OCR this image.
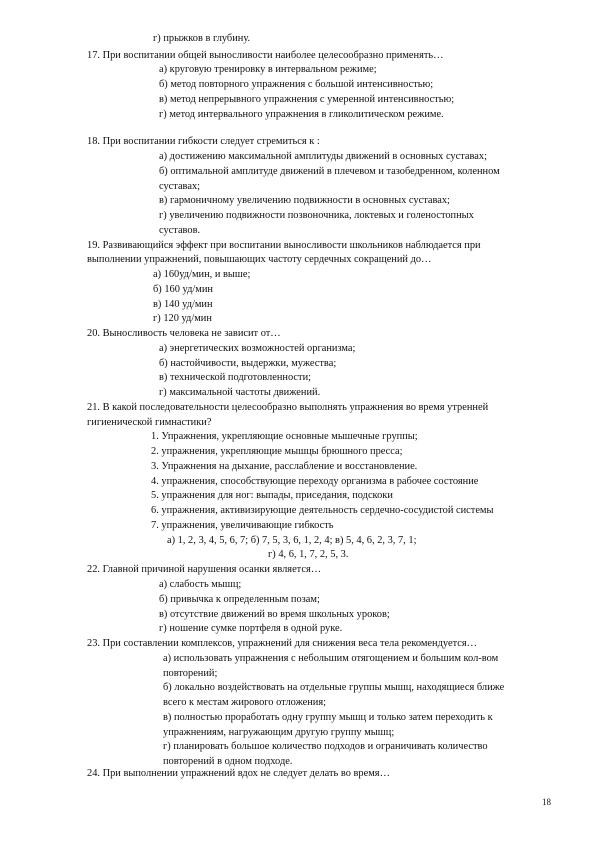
г) прыжков в глубину.
17. При воспитании общей выносливости наиболее целесообразно применять…
а) круговую тренировку в интервальном режиме;
б) метод повторного упражнения с большой интенсивностью;
в) метод непрерывного упражнения с умеренной интенсивностью;
г) метод интервального упражнения в гликолитическом режиме.
18. При воспитании гибкости следует стремиться к :
а) достижению максимальной амплитуды движений в основных суставах;
б) оптимальной амплитуде движений в плечевом и тазобедренном, коленном
суставах;
в) гармоничному увеличению подвижности в основных суставах;
г) увеличению подвижности позвоночника, локтевых и голеностопных
суставов.
19. Развивающийся эффект при воспитании выносливости школьников наблюдается при
выполнении упражнений, повышающих частоту сердечных сокращений до…
а) 160уд/мин, и выше;
б) 160 уд/мин
в) 140 уд/мин
г) 120 уд/мин
20. Выносливость человека не зависит от…
а) энергетических возможностей организма;
б) настойчивости, выдержки, мужества;
в) технической подготовленности;
г) максимальной частоты движений.
21. В какой последовательности целесообразно выполнять упражнения во время утренней
гигиенической гимнастики?
1. Упражнения, укрепляющие основные мышечные группы;
2. упражнения, укрепляющие мышцы брюшного пресса;
3. Упражнения на дыхание, расслабление и восстановление.
4. упражнения, способствующие переходу организма в рабочее состояние
5. упражнения для ног: выпады, приседания, подскоки
6. упражнения, активизирующие деятельность сердечно-сосудистой системы
7. упражнения, увеличивающие гибкость
а) 1, 2, 3, 4, 5, 6, 7; б) 7, 5, 3, 6, 1, 2, 4; в) 5, 4, 6, 2, 3, 7, 1;
г) 4, 6, 1, 7, 2, 5, 3.
22. Главной причиной нарушения осанки является…
а) слабость мышц;
б) привычка к определенным позам;
в) отсутствие движений во время школьных уроков;
г) ношение сумке портфеля в одной руке.
23. При составлении комплексов, упражнений для снижения веса тела рекомендуется…
а) использовать упражнения с небольшим отягощением и большим кол-вом
повторений;
б) локально воздействовать на отдельные группы мышц, находящиеся ближе
всего к местам жирового отложения;
в) полностью проработать одну группу мышц и только затем переходить к
упражнениям, нагружающим другую группу мышц;
г) планировать большое количество подходов и ограничивать количество
повторений в одном подходе.
24. При выполнении упражнений вдох не следует делать во время…
18
